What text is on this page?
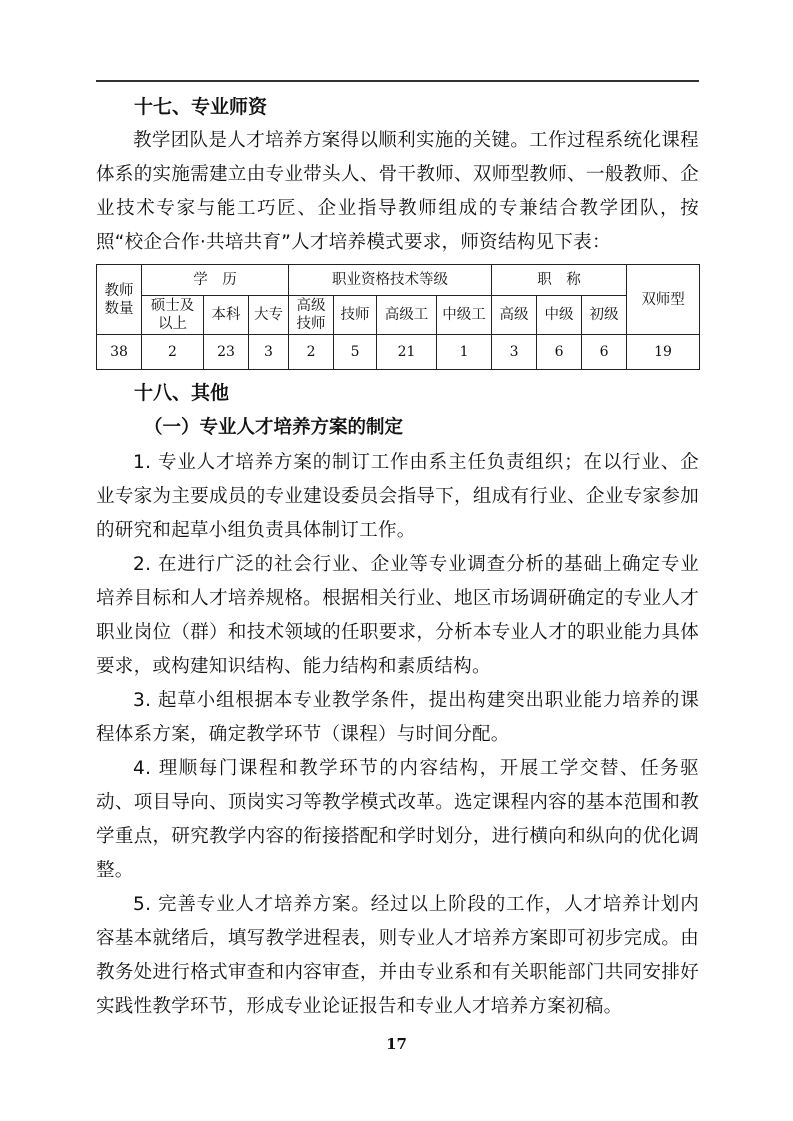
十七、专业师资

教学团队是人才培养方案得以顺利实施的关键。工作过程系统化课程体系的实施需建立由专业带头人、骨干教师、双师型教师、一般教师、企业技术专家与能工巧匠、企业指导教师组成的专兼结合教学团队，按照“校企合作·共培共育”人才培养模式要求，师资结构见下表：

教师数量	学　历			职业资格技术等级				职　称			双师型
	硕士及以上	本科	大专	高级技师	技师	高级工	中级工	高级	中级	初级	
38	2	23	3	2	5	21	1	3	6	6	19

十八、其他

（一）专业人才培养方案的制定

1. 专业人才培养方案的制订工作由系主任负责组织；在以行业、企业专家为主要成员的专业建设委员会指导下，组成有行业、企业专家参加的研究和起草小组负责具体制订工作。

2. 在进行广泛的社会行业、企业等专业调查分析的基础上确定专业培养目标和人才培养规格。根据相关行业、地区市场调研确定的专业人才职业岗位（群）和技术领域的任职要求，分析本专业人才的职业能力具体要求，或构建知识结构、能力结构和素质结构。

3. 起草小组根据本专业教学条件，提出构建突出职业能力培养的课程体系方案，确定教学环节（课程）与时间分配。

4. 理顺每门课程和教学环节的内容结构，开展工学交替、任务驱动、项目导向、顶岗实习等教学模式改革。选定课程内容的基本范围和教学重点，研究教学内容的衔接搭配和学时划分，进行横向和纵向的优化调整。

5. 完善专业人才培养方案。经过以上阶段的工作，人才培养计划内容基本就绪后，填写教学进程表，则专业人才培养方案即可初步完成。由教务处进行格式审查和内容审查，并由专业系和有关职能部门共同安排好实践性教学环节，形成专业论证报告和专业人才培养方案初稿。

17
